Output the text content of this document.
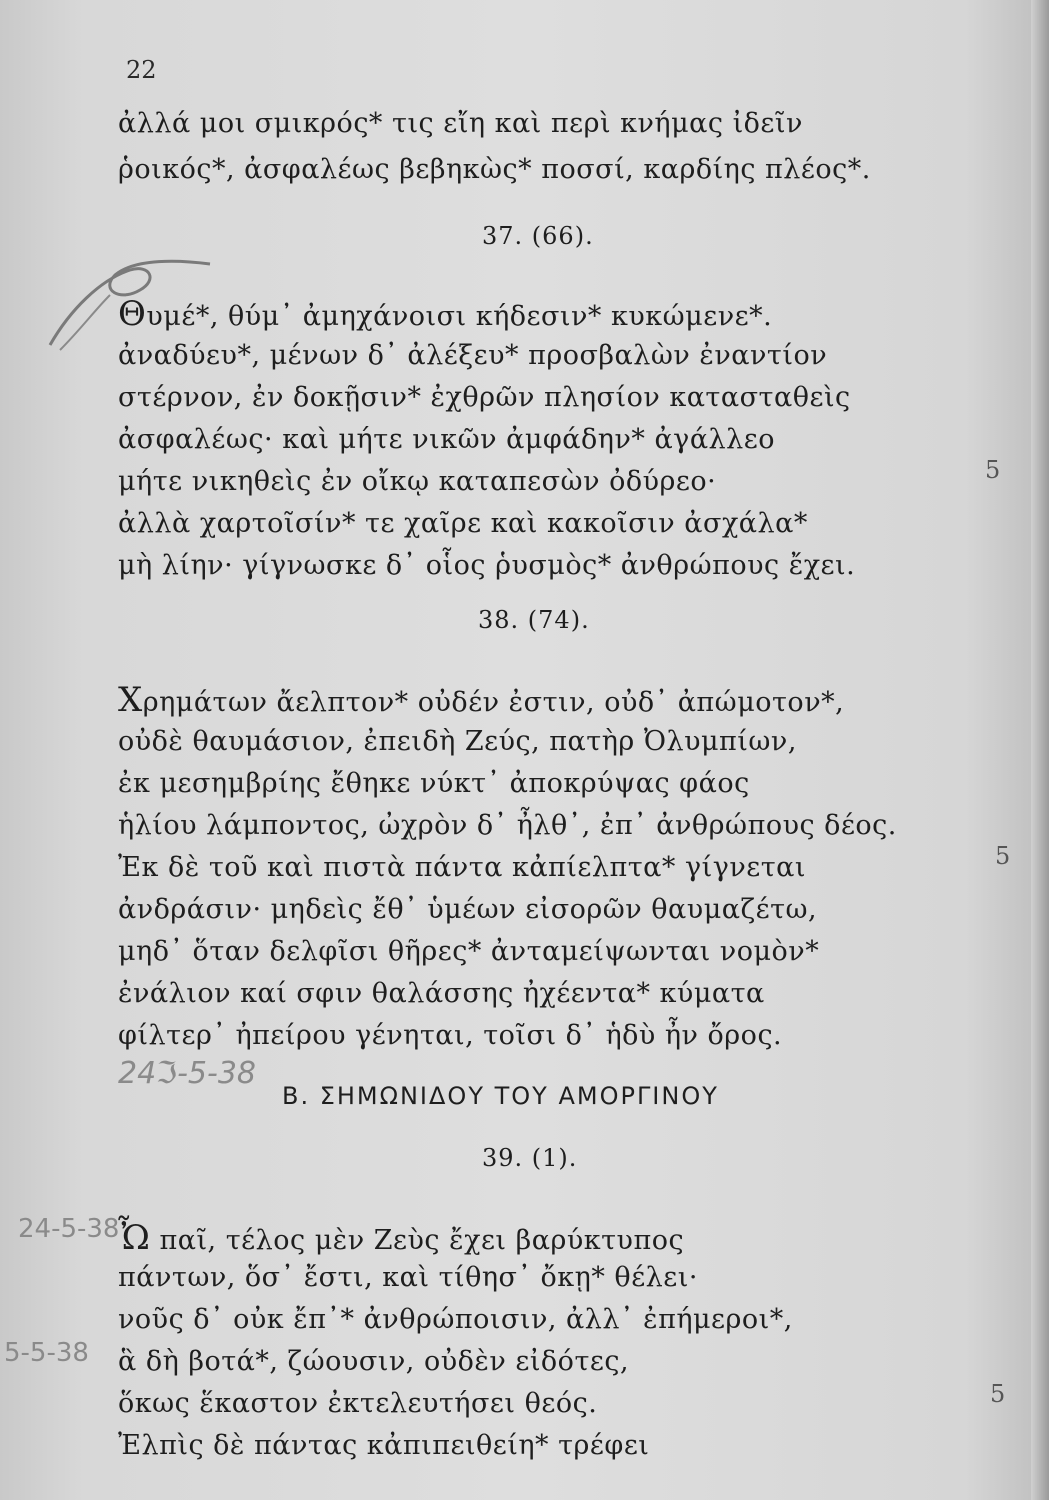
22
ἀλλά μοι σμικρός* τις εἴη καὶ περὶ κνήμας ἰδεῖν
ῥοικός*, ἀσφαλέως βεβηκὼς* ποσσί, καρδίης πλέος*.
37. (66).
Θυμέ*, θύμ᾽ ἀμηχάνοισι κήδεσιν* κυκώμενε*.
ἀναδύευ*, μένων δ᾽ ἀλέξευ* προσβαλὼν ἐναντίον
στέρνον, ἐν δοκῇσιν* ἐχθρῶν πλησίον κατασταθεὶς
ἀσφαλέως· καὶ μήτε νικῶν ἀμφάδην* ἀγάλλεο
μήτε νικηθεὶς ἐν οἴκῳ καταπεσὼν ὀδύρεο·
ἀλλὰ χαρτοῖσίν* τε χαῖρε καὶ κακοῖσιν ἀσχάλα*
μὴ λίην· γίγνωσκε δ᾽ οἷος ῥυσμὸς* ἀνθρώπους ἔχει.
5
38. (74).
Χρημάτων ἄελπτον* οὐδέν ἐστιν, οὐδ᾽ ἀπώμοτον*,
οὐδὲ θαυμάσιον, ἐπειδὴ Ζεύς, πατὴρ Ὀλυμπίων,
ἐκ μεσημβρίης ἔθηκε νύκτ᾽ ἀποκρύψας φάος
ἡλίου λάμποντος, ὠχρὸν δ᾽ ἦλθ᾽, ἐπ᾽ ἀνθρώπους δέος.
Ἐκ δὲ τοῦ καὶ πιστὰ πάντα κἀπίελπτα* γίγνεται
ἀνδράσιν· μηδεὶς ἔθ᾽ ὑμέων εἰσορῶν θαυμαζέτω,
μηδ᾽ ὅταν δελφῖσι θῆρες* ἀνταμείψωνται νομὸν*
ἐνάλιον καί σφιν θαλάσσης ἠχέεντα* κύματα
φίλτερ᾽ ἠπείρου γένηται, τοῖσι δ᾽ ἡδὺ ἦν ὄρος.
5
24ℑ-5-38
Β. ΣΗΜΩΝΙΔΟΥ ΤΟΥ ΑΜΟΡΓΙΝΟΥ
39. (1).
Ὦ παῖ, τέλος μὲν Ζεὺς ἔχει βαρύκτυπος
πάντων, ὅσ᾽ ἔστι, καὶ τίθησ᾽ ὄκῃ* θέλει·
νοῦς δ᾽ οὐκ ἔπ᾽* ἀνθρώποισιν, ἀλλ᾽ ἐπήμεροι*,
ἃ δὴ βοτά*, ζώουσιν, οὐδὲν εἰδότες,
ὅκως ἕκαστον ἐκτελευτήσει θεός.
Ἐλπὶς δὲ πάντας κἀπιπειθείη* τρέφει
5
24-5-38
5-5-38
